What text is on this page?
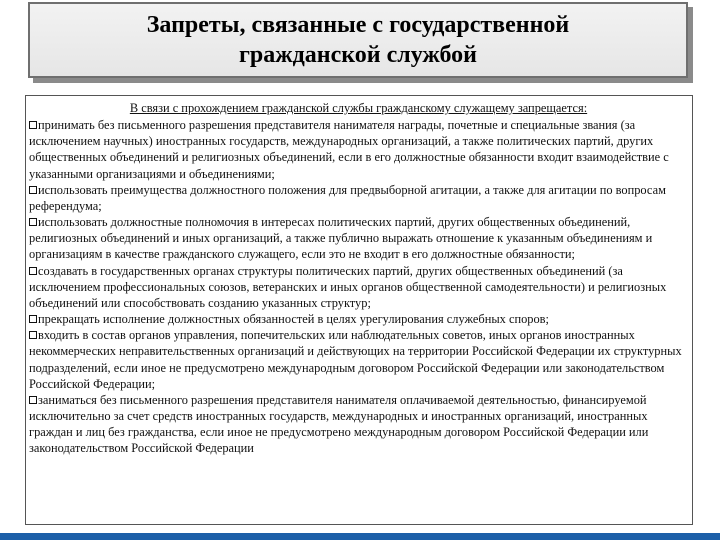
Запреты, связанные с государственной
гражданской службой
В связи с прохождением гражданской службы гражданскому служащему запрещается:

принимать без письменного разрешения представителя нанимателя награды, почетные и специальные звания (за исключением научных) иностранных государств, международных организаций, а также политических партий, других общественных объединений и религиозных объединений, если в его должностные обязанности входит взаимодействие с указанными организациями и объединениями;

использовать преимущества должностного положения для предвыборной агитации, а также для агитации по вопросам референдума;

использовать должностные полномочия в интересах политических партий, других общественных объединений, религиозных объединений и иных организаций, а также публично выражать отношение к указанным объединениям и организациям в качестве гражданского служащего, если это не входит в его должностные обязанности;

создавать в государственных органах структуры политических партий, других общественных объединений (за исключением профессиональных союзов, ветеранских и иных органов общественной самодеятельности) и религиозных объединений или способствовать созданию указанных структур;

прекращать исполнение должностных обязанностей в целях урегулирования служебных споров;

входить в состав органов управления, попечительских или наблюдательных советов, иных органов иностранных некоммерческих неправительственных организаций и действующих на территории Российской Федерации их структурных подразделений, если иное не предусмотрено международным договором Российской Федерации или законодательством Российской Федерации;

заниматься без письменного разрешения представителя нанимателя оплачиваемой деятельностью, финансируемой исключительно за счет средств иностранных государств, международных и иностранных организаций, иностранных граждан и лиц без гражданства, если иное не предусмотрено международным договором Российской Федерации или законодательством Российской Федерации
